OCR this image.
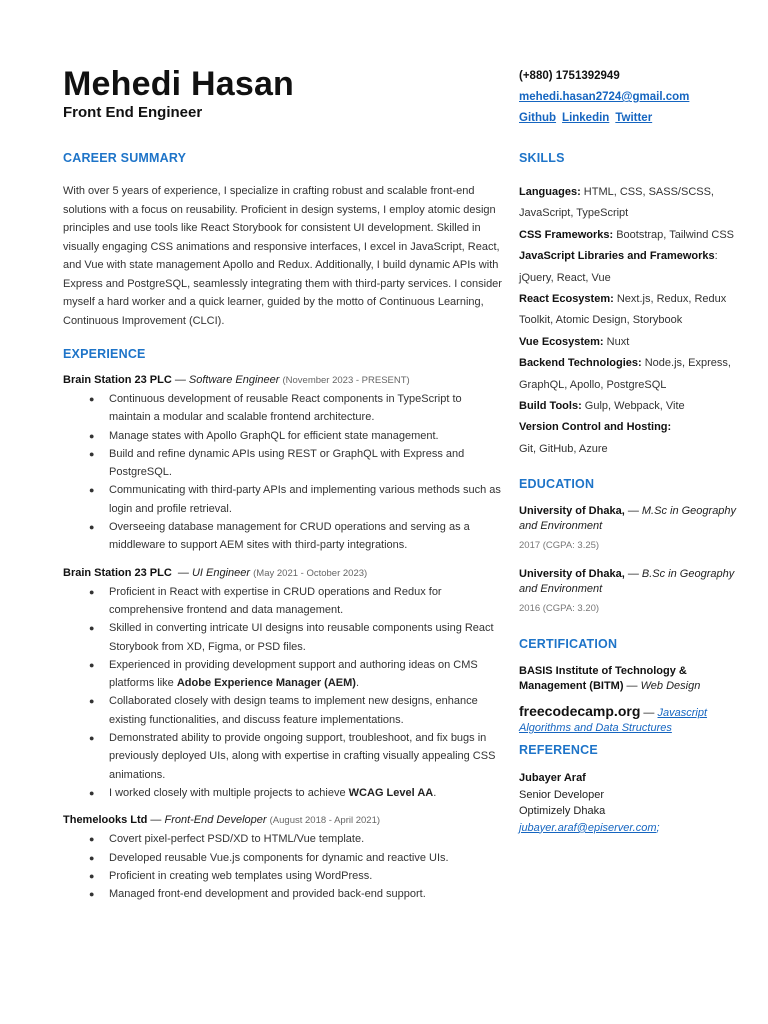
Mehedi Hasan
Front End Engineer
(+880) 1751392949
mehedi.hasan2724@gmail.com
Github Linkedin Twitter
CAREER SUMMARY

With over 5 years of experience, I specialize in crafting robust and scalable front-end solutions with a focus on reusability. Proficient in design systems, I employ atomic design principles and use tools like React Storybook for consistent UI development. Skilled in visually engaging CSS animations and responsive interfaces, I excel in JavaScript, React, and Vue with state management Apollo and Redux. Additionally, I build dynamic APIs with Express and PostgreSQL, seamlessly integrating them with third-party services. I consider myself a hard worker and a quick learner, guided by the motto of Continuous Learning, Continuous Improvement (CLCI).

EXPERIENCE
Brain Station 23 PLC — Software Engineer (November 2023 - PRESENT)
● Continuous development of reusable React components in TypeScript to maintain a modular and scalable frontend architecture.
● Manage states with Apollo GraphQL for efficient state management.
● Build and refine dynamic APIs using REST or GraphQL with Express and PostgreSQL.
● Communicating with third-party APIs and implementing various methods such as login and profile retrieval.
● Overseeing database management for CRUD operations and serving as a middleware to support AEM sites with third-party integrations.
Brain Station 23 PLC  — UI Engineer (May 2021 - October 2023)
● Proficient in React with expertise in CRUD operations and Redux for comprehensive frontend and data management.
● Skilled in converting intricate UI designs into reusable components using React Storybook from XD, Figma, or PSD files.
● Experienced in providing development support and authoring ideas on CMS platforms like Adobe Experience Manager (AEM).
● Collaborated closely with design teams to implement new designs, enhance existing functionalities, and discuss feature implementations.
● Demonstrated ability to provide ongoing support, troubleshoot, and fix bugs in previously deployed UIs, along with expertise in crafting visually appealing CSS animations.
● I worked closely with multiple projects to achieve WCAG Level AA.
Themelooks Ltd — Front-End Developer (August 2018 - April 2021)
● Covert pixel-perfect PSD/XD to HTML/Vue template.
● Developed reusable Vue.js components for dynamic and reactive UIs.
● Proficient in creating web templates using WordPress.
● Managed front-end development and provided back-end support.
SKILLS
Languages: HTML, CSS, SASS/SCSS, JavaScript, TypeScript
CSS Frameworks: Bootstrap, Tailwind CSS
JavaScript Libraries and Frameworks: jQuery, React, Vue
React Ecosystem: Next.js, Redux, Redux Toolkit, Atomic Design, Storybook
Vue Ecosystem: Nuxt
Backend Technologies: Node.js, Express, GraphQL, Apollo, PostgreSQL
Build Tools: Gulp, Webpack, Vite
Version Control and Hosting:
Git, GitHub, Azure
EDUCATION
University of Dhaka, — M.Sc in Geography and Environment
2017 (CGPA: 3.25)
University of Dhaka, — B.Sc in Geography and Environment
2016 (CGPA: 3.20)
CERTIFICATION
BASIS Institute of Technology & Management (BITM) — Web Design
freecodecamp.org — Javascript Algorithms and Data Structures
REFERENCE
Jubayer Araf
Senior Developer
Optimizely Dhaka
jubayer.araf@episerver.com;
